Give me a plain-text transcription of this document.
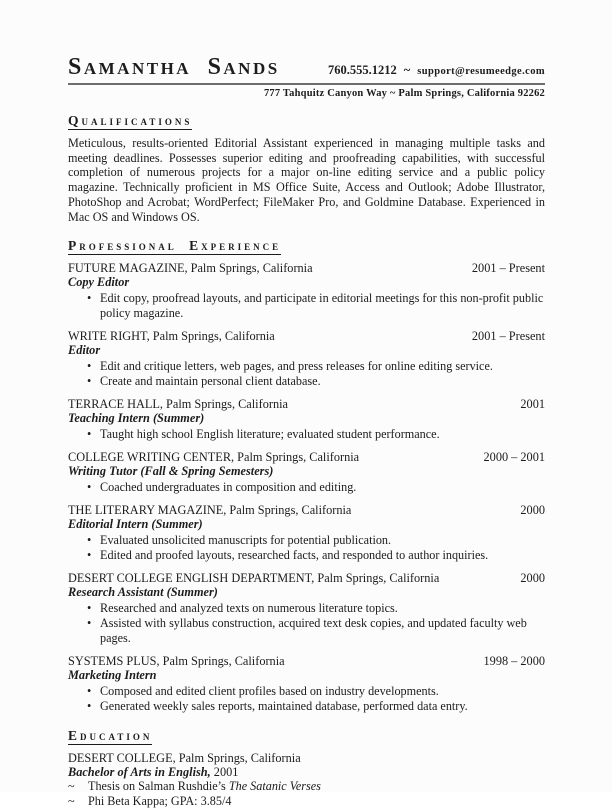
Samantha Sands	760.555.1212 ~ support@resumeedge.com
777 Tahquitz Canyon Way ~ Palm Springs, California 92262
Qualifications

Meticulous, results-oriented Editorial Assistant experienced in managing multiple tasks and meeting deadlines. Possesses superior editing and proofreading capabilities, with successful completion of numerous projects for a major on-line editing service and a public policy magazine. Technically proficient in MS Office Suite, Access and Outlook; Adobe Illustrator, PhotoShop and Acrobat; WordPerfect; FileMaker Pro, and Goldmine Database. Experienced in Mac OS and Windows OS.

Professional Experience
FUTURE MAGAZINE, Palm Springs, California	2001 – Present
Copy Editor
• Edit copy, proofread layouts, and participate in editorial meetings for this non-profit public policy magazine.
WRITE RIGHT, Palm Springs, California	2001 – Present
Editor
• Edit and critique letters, web pages, and press releases for online editing service.
• Create and maintain personal client database.
TERRACE HALL, Palm Springs, California	2001
Teaching Intern (Summer)
• Taught high school English literature; evaluated student performance.
COLLEGE WRITING CENTER, Palm Springs, California	2000 – 2001
Writing Tutor (Fall & Spring Semesters)
• Coached undergraduates in composition and editing.
THE LITERARY MAGAZINE, Palm Springs, California	2000
Editorial Intern (Summer)
• Evaluated unsolicited manuscripts for potential publication.
• Edited and proofed layouts, researched facts, and responded to author inquiries.
DESERT COLLEGE ENGLISH DEPARTMENT, Palm Springs, California	2000
Research Assistant (Summer)
• Researched and analyzed texts on numerous literature topics.
• Assisted with syllabus construction, acquired text desk copies, and updated faculty web pages.
SYSTEMS PLUS, Palm Springs, California	1998 – 2000
Marketing Intern
• Composed and edited client profiles based on industry developments.
• Generated weekly sales reports, maintained database, performed data entry.
Education
DESERT COLLEGE, Palm Springs, California
Bachelor of Arts in English, 2001
~	Thesis on Salman Rushdie’s The Satanic Verses
~	Phi Beta Kappa; GPA: 3.85/4
